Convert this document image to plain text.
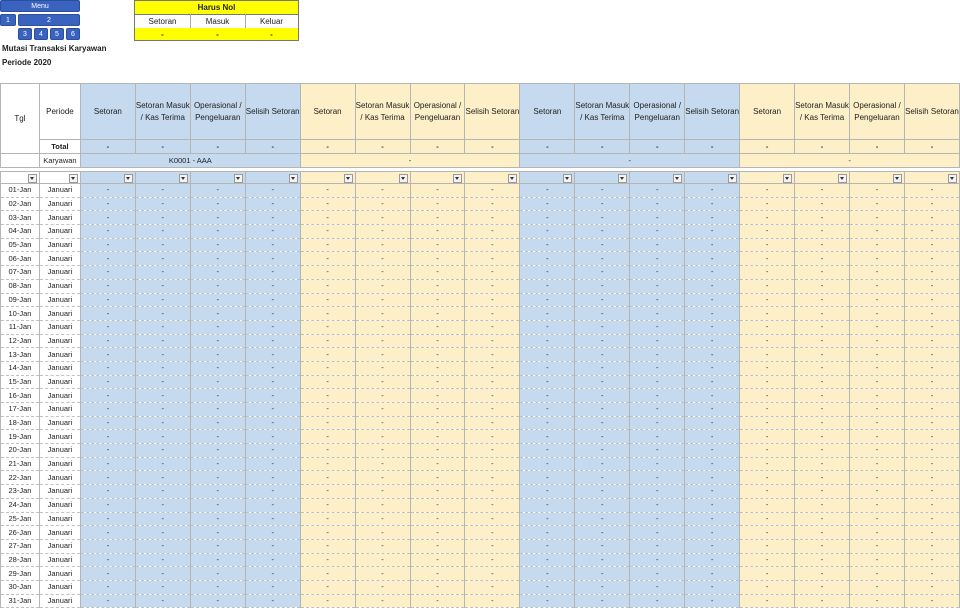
Menu
1	2
3	4	5	6
Harus Nol
Setoran	Masuk	Keluar
-	-	-
Mutasi Transaksi Karyawan
Periode 2020
Tgl	Periode	Setoran	Setoran Masuk / Kas Terima	Operasional / Pengeluaran	Selisih Setoran	Setoran	Setoran Masuk / Kas Terima	Operasional / Pengeluaran	Selisih Setoran	Setoran	Setoran Masuk / Kas Terima	Operasional / Pengeluaran	Selisih Setoran	Setoran	Setoran Masuk / Kas Terima	Operasional / Pengeluaran	Selisih Setoran
	Total	-	-	-	-	-	-	-	-	-	-	-	-	-	-	-	-
	Karyawan	K0001 - AAA				-				-				-			

01-Jan	Januari	-	-	-	-	-	-	-	-	-	-	-	-	-	-	-	-
02-Jan	Januari	-	-	-	-	-	-	-	-	-	-	-	-	-	-	-	-
03-Jan	Januari	-	-	-	-	-	-	-	-	-	-	-	-	-	-	-	-
04-Jan	Januari	-	-	-	-	-	-	-	-	-	-	-	-	-	-	-	-
05-Jan	Januari	-	-	-	-	-	-	-	-	-	-	-	-	-	-	-	-
06-Jan	Januari	-	-	-	-	-	-	-	-	-	-	-	-	-	-	-	-
07-Jan	Januari	-	-	-	-	-	-	-	-	-	-	-	-	-	-	-	-
08-Jan	Januari	-	-	-	-	-	-	-	-	-	-	-	-	-	-	-	-
09-Jan	Januari	-	-	-	-	-	-	-	-	-	-	-	-	-	-	-	-
10-Jan	Januari	-	-	-	-	-	-	-	-	-	-	-	-	-	-	-	-
11-Jan	Januari	-	-	-	-	-	-	-	-	-	-	-	-	-	-	-	-
12-Jan	Januari	-	-	-	-	-	-	-	-	-	-	-	-	-	-	-	-
13-Jan	Januari	-	-	-	-	-	-	-	-	-	-	-	-	-	-	-	-
14-Jan	Januari	-	-	-	-	-	-	-	-	-	-	-	-	-	-	-	-
15-Jan	Januari	-	-	-	-	-	-	-	-	-	-	-	-	-	-	-	-
16-Jan	Januari	-	-	-	-	-	-	-	-	-	-	-	-	-	-	-	-
17-Jan	Januari	-	-	-	-	-	-	-	-	-	-	-	-	-	-	-	-
18-Jan	Januari	-	-	-	-	-	-	-	-	-	-	-	-	-	-	-	-
19-Jan	Januari	-	-	-	-	-	-	-	-	-	-	-	-	-	-	-	-
20-Jan	Januari	-	-	-	-	-	-	-	-	-	-	-	-	-	-	-	-
21-Jan	Januari	-	-	-	-	-	-	-	-	-	-	-	-	-	-	-	-
22-Jan	Januari	-	-	-	-	-	-	-	-	-	-	-	-	-	-	-	-
23-Jan	Januari	-	-	-	-	-	-	-	-	-	-	-	-	-	-	-	-
24-Jan	Januari	-	-	-	-	-	-	-	-	-	-	-	-	-	-	-	-
25-Jan	Januari	-	-	-	-	-	-	-	-	-	-	-	-	-	-	-	-
26-Jan	Januari	-	-	-	-	-	-	-	-	-	-	-	-	-	-	-	-
27-Jan	Januari	-	-	-	-	-	-	-	-	-	-	-	-	-	-	-	-
28-Jan	Januari	-	-	-	-	-	-	-	-	-	-	-	-	-	-	-	-
29-Jan	Januari	-	-	-	-	-	-	-	-	-	-	-	-	-	-	-	-
30-Jan	Januari	-	-	-	-	-	-	-	-	-	-	-	-	-	-	-	-
31-Jan	Januari	-	-	-	-	-	-	-	-	-	-	-	-	-	-	-	-
